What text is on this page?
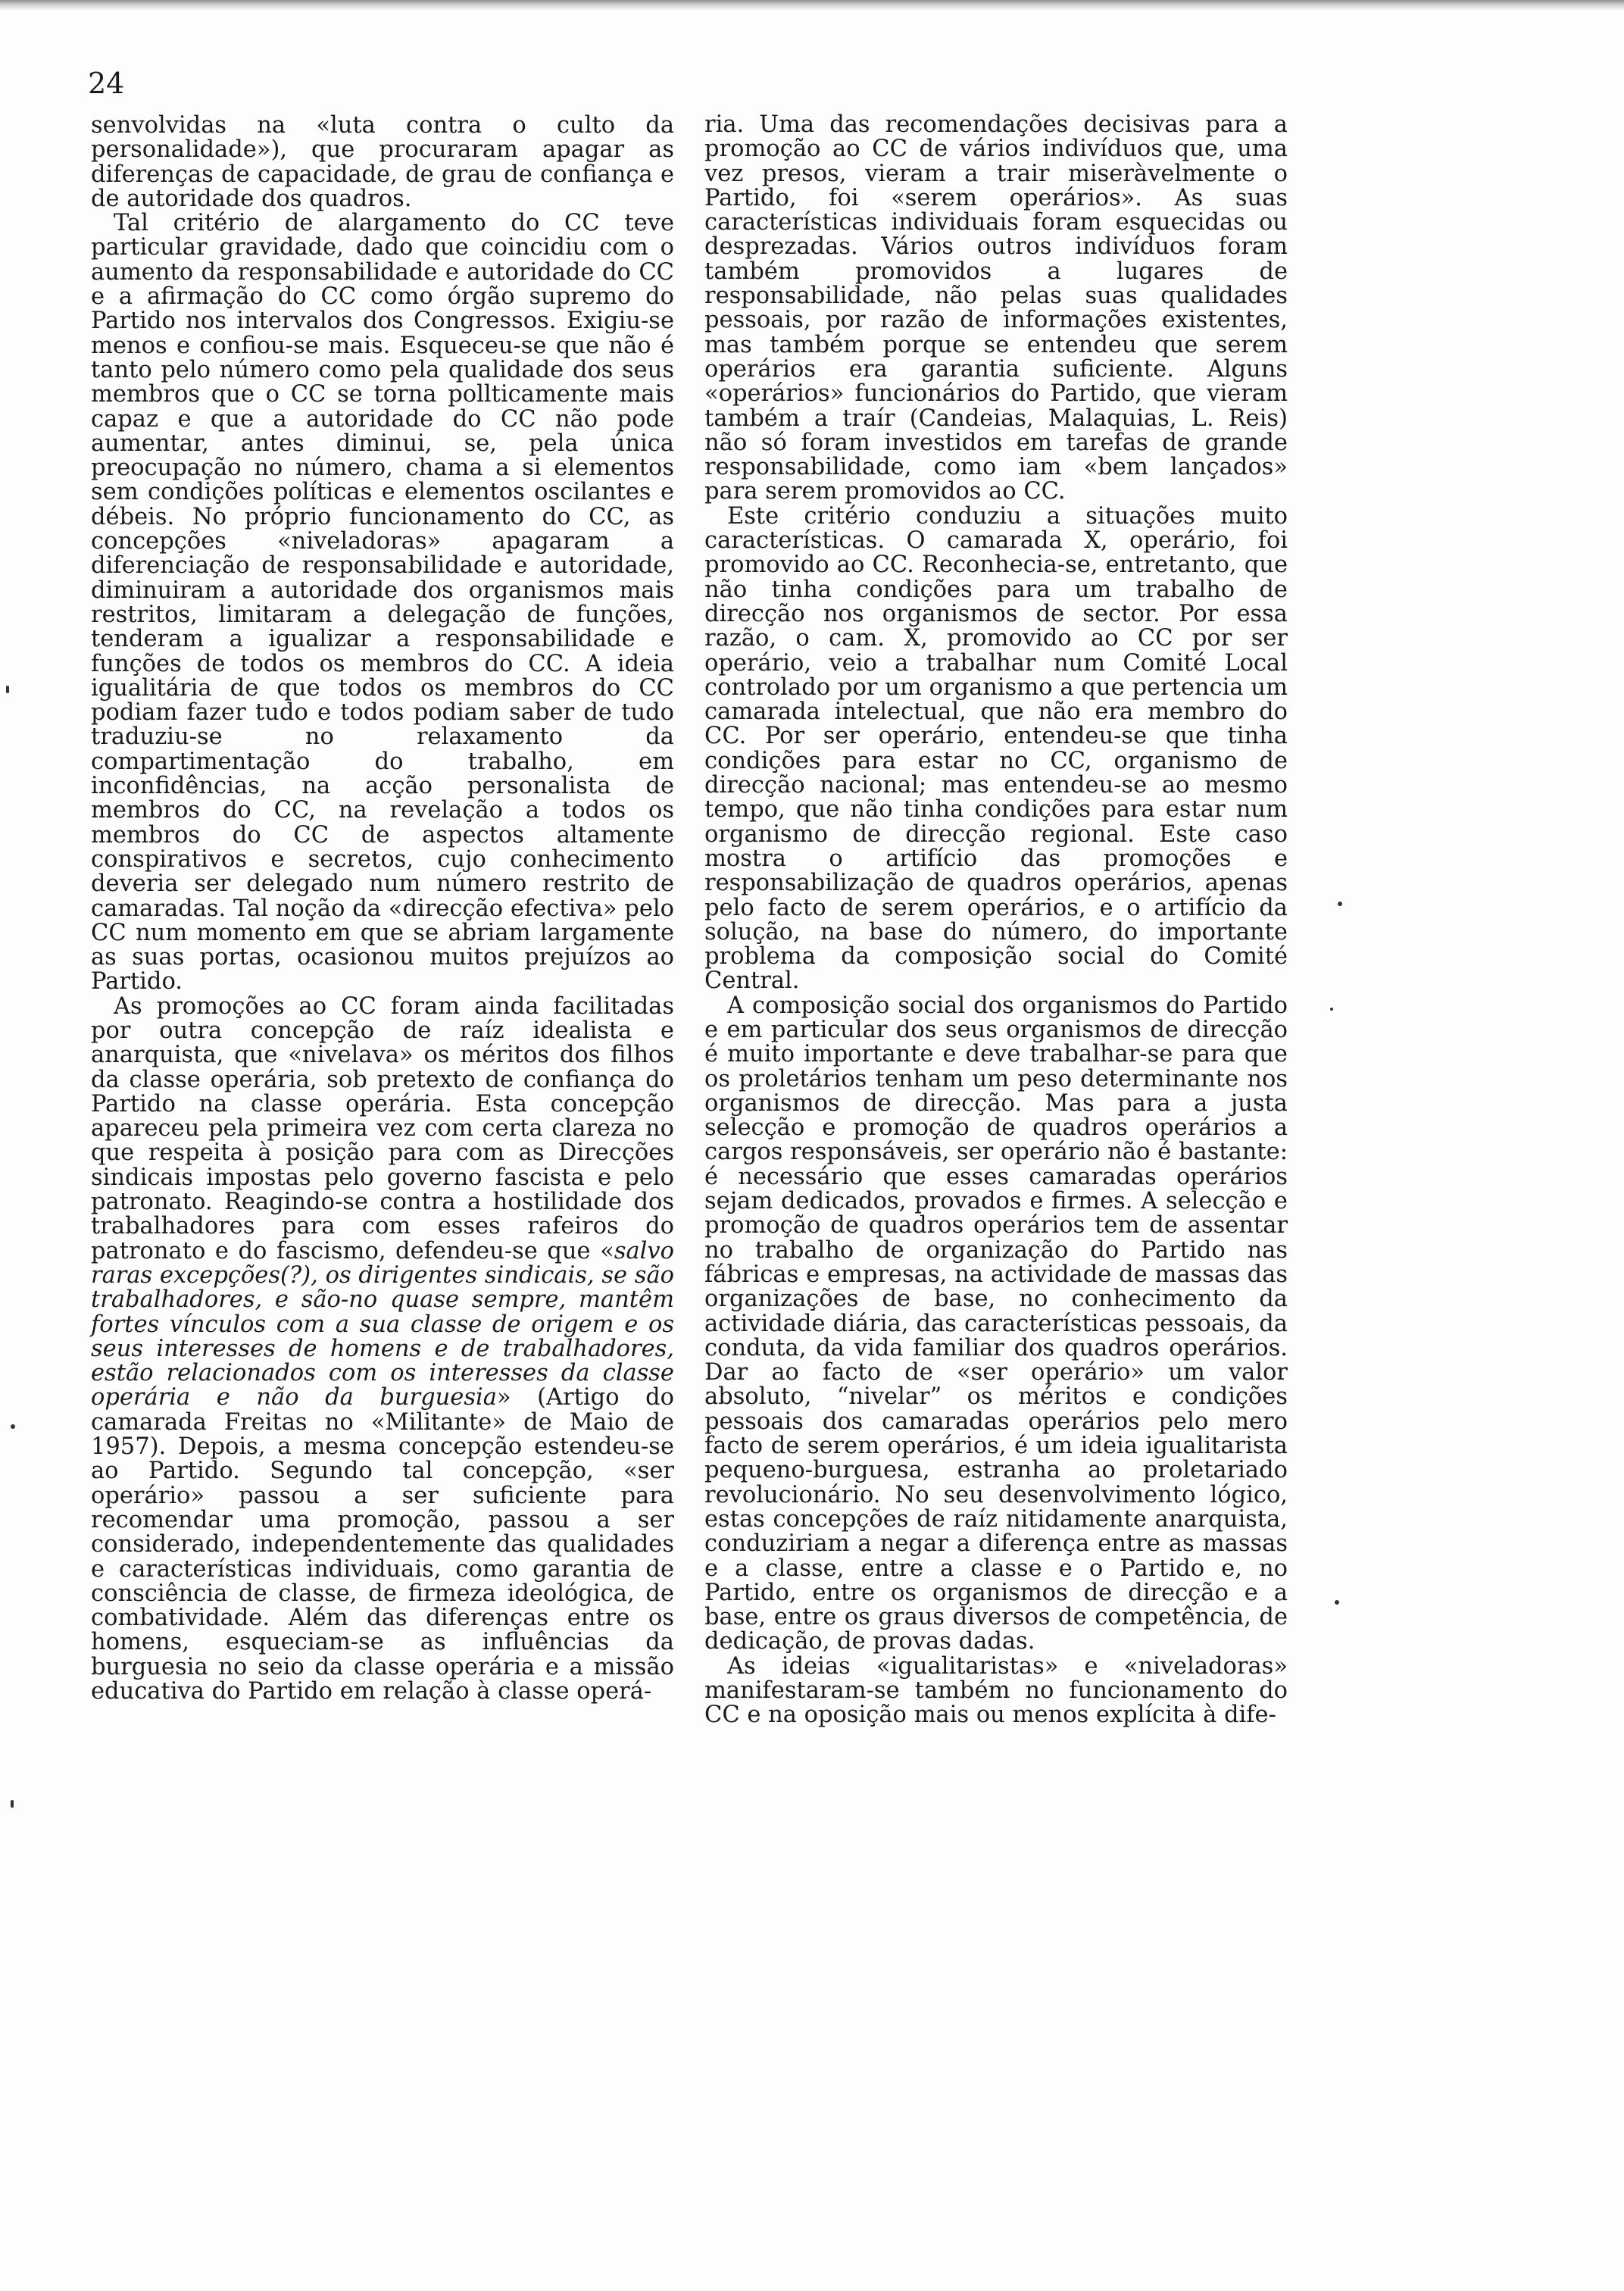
24

senvolvidas na «luta contra o culto da personalidade»), que procuraram apagar as diferenças de capacidade, de grau de confiança e de autoridade dos quadros.

Tal critério de alargamento do CC teve particular gravidade, dado que coincidiu com o aumento da responsabilidade e autoridade do CC e a afirmação do CC como órgão supremo do Partido nos intervalos dos Congressos. Exigiu-se menos e confiou-se mais. Esqueceu-se que não é tanto pelo número como pela qualidade dos seus membros que o CC se torna pollticamente mais capaz e que a autoridade do CC não pode aumentar, antes diminui, se, pela única preocupação no número, chama a si elementos sem condições políticas e elementos oscilantes e débeis. No próprio funcionamento do CC, as concepções «niveladoras» apagaram a diferenciação de responsabilidade e autoridade, diminuiram a autoridade dos organismos mais restritos, limitaram a delegação de funções, tenderam a igualizar a responsabilidade e funções de todos os membros do CC. A ideia igualitária de que todos os membros do CC podiam fazer tudo e todos podiam saber de tudo traduziu-se no relaxamento da compartimentação do trabalho, em inconfidências, na acção personalista de membros do CC, na revelação a todos os membros do CC de aspectos altamente conspirativos e secretos, cujo conhecimento deveria ser delegado num número restrito de camaradas. Tal noção da «direcção efectiva» pelo CC num momento em que se abriam largamente as suas portas, ocasionou muitos prejuízos ao Partido.

As promoções ao CC foram ainda facilitadas por outra concepção de raíz idealista e anarquista, que «nivelava» os méritos dos filhos da classe operária, sob pretexto de confiança do Partido na classe operária. Esta concepção apareceu pela primeira vez com certa clareza no que respeita à posição para com as Direcções sindicais impostas pelo governo fascista e pelo patronato. Reagindo-se contra a hostilidade dos trabalhadores para com esses rafeiros do patronato e do fascismo, defendeu-se que «salvo raras excepções(?), os dirigentes sindicais, se são trabalhadores, e são-no quase sempre, mantêm fortes vínculos com a sua classe de origem e os seus interesses de homens e de trabalhadores, estão relacionados com os interesses da classe operária e não da burguesia» (Artigo do camarada Freitas no «Militante» de Maio de 1957). Depois, a mesma concepção estendeu-se ao Partido. Segundo tal concepção, «ser operário» passou a ser suficiente para recomendar uma promoção, passou a ser considerado, independentemente das qualidades e características individuais, como garantia de consciência de classe, de firmeza ideológica, de combatividade. Além das diferenças entre os homens, esqueciam-se as influências da burguesia no seio da classe operária e a missão educativa do Partido em relação à classe operá-

ria. Uma das recomendações decisivas para a promoção ao CC de vários indivíduos que, uma vez presos, vieram a trair miseràvelmente o Partido, foi «serem operários». As suas características individuais foram esquecidas ou desprezadas. Vários outros indivíduos foram também promovidos a lugares de responsabilidade, não pelas suas qualidades pessoais, por razão de informações existentes, mas também porque se entendeu que serem operários era garantia suficiente. Alguns «operários» funcionários do Partido, que vieram também a traír (Candeias, Malaquias, L. Reis) não só foram investidos em tarefas de grande responsabilidade, como iam «bem lançados» para serem promovidos ao CC.

Este critério conduziu a situações muito características. O camarada X, operário, foi promovido ao CC. Reconhecia-se, entretanto, que não tinha condições para um trabalho de direcção nos organismos de sector. Por essa razão, o cam. X, promovido ao CC por ser operário, veio a trabalhar num Comité Local controlado por um organismo a que pertencia um camarada intelectual, que não era membro do CC. Por ser operário, entendeu-se que tinha condições para estar no CC, organismo de direcção nacional; mas entendeu-se ao mesmo tempo, que não tinha condições para estar num organismo de direcção regional. Este caso mostra o artifício das promoções e responsabilização de quadros operários, apenas pelo facto de serem operários, e o artifício da solução, na base do número, do importante problema da composição social do Comité Central.

A composição social dos organismos do Partido e em particular dos seus organismos de direcção é muito importante e deve trabalhar-se para que os proletários tenham um peso determinante nos organismos de direcção. Mas para a justa selecção e promoção de quadros operários a cargos responsáveis, ser operário não é bastante: é necessário que esses camaradas operários sejam dedicados, provados e firmes. A selecção e promoção de quadros operários tem de assentar no trabalho de organização do Partido nas fábricas e empresas, na actividade de massas das organizações de base, no conhecimento da actividade diária, das características pessoais, da conduta, da vida familiar dos quadros operários. Dar ao facto de «ser operário» um valor absoluto, “nivelar” os méritos e condições pessoais dos camaradas operários pelo mero facto de serem operários, é um ideia igualitarista pequeno-burguesa, estranha ao proletariado revolucionário. No seu desenvolvimento lógico, estas concepções de raíz nitidamente anarquista, conduziriam a negar a diferença entre as massas e a classe, entre a classe e o Partido e, no Partido, entre os organismos de direcção e a base, entre os graus diversos de competência, de dedicação, de provas dadas.

As ideias «igualitaristas» e «niveladoras» manifestaram-se também no funcionamento do CC e na oposição mais ou menos explícita à dife-
